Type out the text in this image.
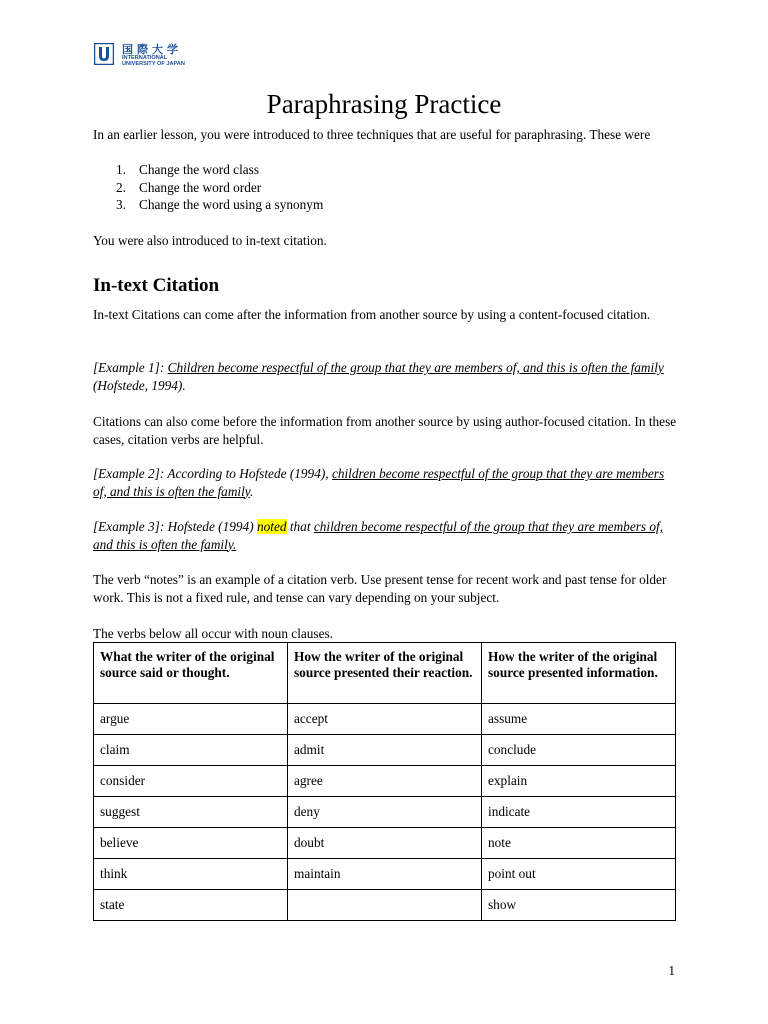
国際大学
INTERNATIONAL
UNIVERSITY OF JAPAN
Paraphrasing Practice

In an earlier lesson, you were introduced to three techniques that are useful for paraphrasing. These were

1. Change the word class
2. Change the word order
3. Change the word using a synonym

You were also introduced to in-text citation.

In-text Citation

In-text Citations can come after the information from another source by using a content-focused citation.

[Example 1]: Children become respectful of the group that they are members of, and this is often the family (Hofstede, 1994).

Citations can also come before the information from another source by using author-focused citation. In these cases, citation verbs are helpful.

[Example 2]: According to Hofstede (1994), children become respectful of the group that they are members of, and this is often the family.

[Example 3]: Hofstede (1994) noted that children become respectful of the group that they are members of, and this is often the family.

The verb “notes” is an example of a citation verb. Use present tense for recent work and past tense for older work. This is not a fixed rule, and tense can vary depending on your subject.

The verbs below all occur with noun clauses.

What the writer of the original source said or thought.	How the writer of the original source presented their reaction.	How the writer of the original source presented information.
argue	accept	assume
claim	admit	conclude
consider	agree	explain
suggest	deny	indicate
believe	doubt	note
think	maintain	point out
state		show
1
